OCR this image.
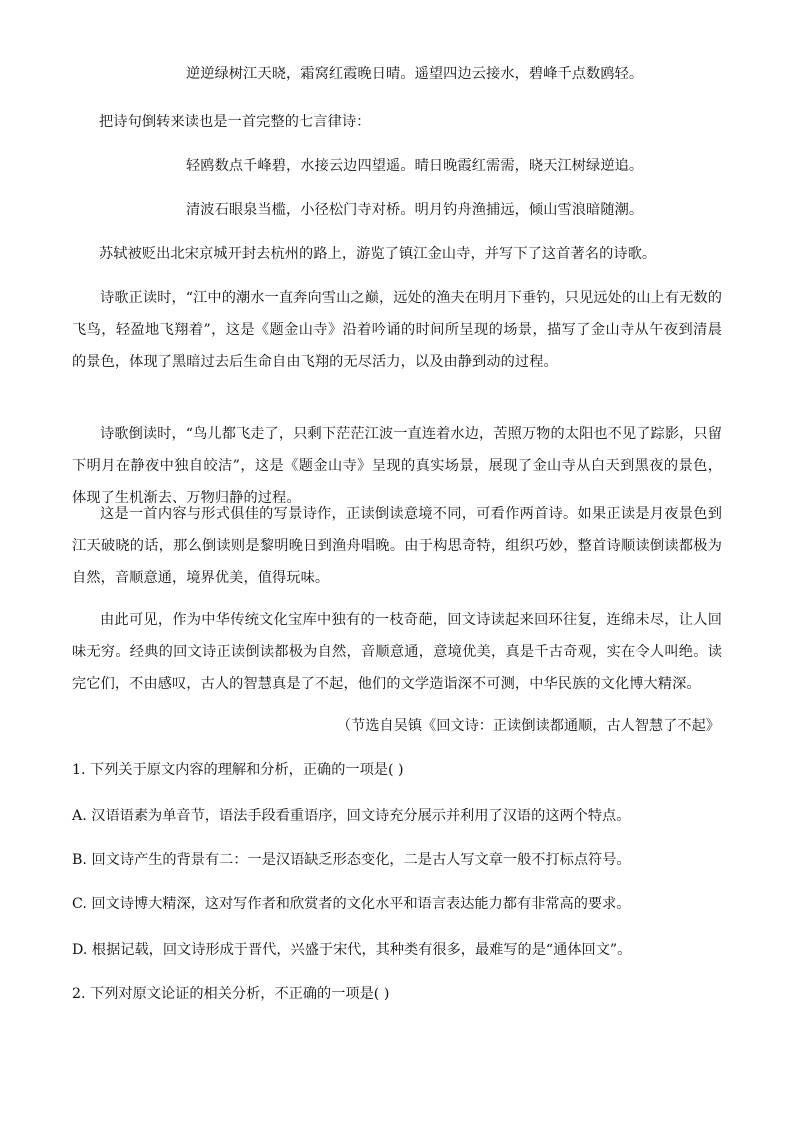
逆逆绿树江天晓，霜窝红霞晚日晴。遥望四边云接水，碧峰千点数鸥轻。
把诗句倒转来读也是一首完整的七言律诗：
轻鸥数点千峰碧，水接云边四望遥。晴日晚霞红需需，晓天江树绿逆追。
清波石眼泉当槛，小径松门寺对桥。明月钓舟渔捕远，倾山雪浪暗随潮。
苏轼被贬出北宋京城开封去杭州的路上，游览了镇江金山寺，并写下了这首著名的诗歌。
诗歌正读时，“江中的潮水一直奔向雪山之巅，远处的渔夫在明月下垂钓，只见远处的山上有无数的飞鸟，轻盈地飞翔着”，这是《题金山寺》沿着吟诵的时间所呈现的场景，描写了金山寺从午夜到清晨的景色，体现了黑暗过去后生命自由飞翔的无尽活力，以及由静到动的过程。
诗歌倒读时，“鸟儿都飞走了，只剩下茫茫江波一直连着水边，苦照万物的太阳也不见了踪影，只留下明月在静夜中独自皎洁”，这是《题金山寺》呈现的真实场景，展现了金山寺从白天到黑夜的景色，体现了生机渐去、万物归静的过程。
这是一首内容与形式俱佳的写景诗作，正读倒读意境不同，可看作两首诗。如果正读是月夜景色到江天破晓的话，那么倒读则是黎明晚日到渔舟唱晚。由于构思奇特，组织巧妙，整首诗顺读倒读都极为自然，音顺意通，境界优美，值得玩味。
由此可见，作为中华传统文化宝库中独有的一枝奇葩，回文诗读起来回环往复，连绵未尽，让人回味无穷。经典的回文诗正读倒读都极为自然，音顺意通，意境优美，真是千古奇观，实在令人叫绝。读完它们，不由感叹，古人的智慧真是了不起，他们的文学造诣深不可测，中华民族的文化博大精深。
（节选自吴镇《回文诗：正读倒读都通顺，古人智慧了不起》
1. 下列关于原文内容的理解和分析，正确的一项是( )
A. 汉语语素为单音节，语法手段看重语序，回文诗充分展示并利用了汉语的这两个特点。
B. 回文诗产生的背景有二：一是汉语缺乏形态变化，二是古人写文章一般不打标点符号。
C. 回文诗博大精深，这对写作者和欣赏者的文化水平和语言表达能力都有非常高的要求。
D. 根据记载，回文诗形成于晋代，兴盛于宋代，其种类有很多，最难写的是“通体回文”。
2. 下列对原文论证的相关分析，不正确的一项是( )
